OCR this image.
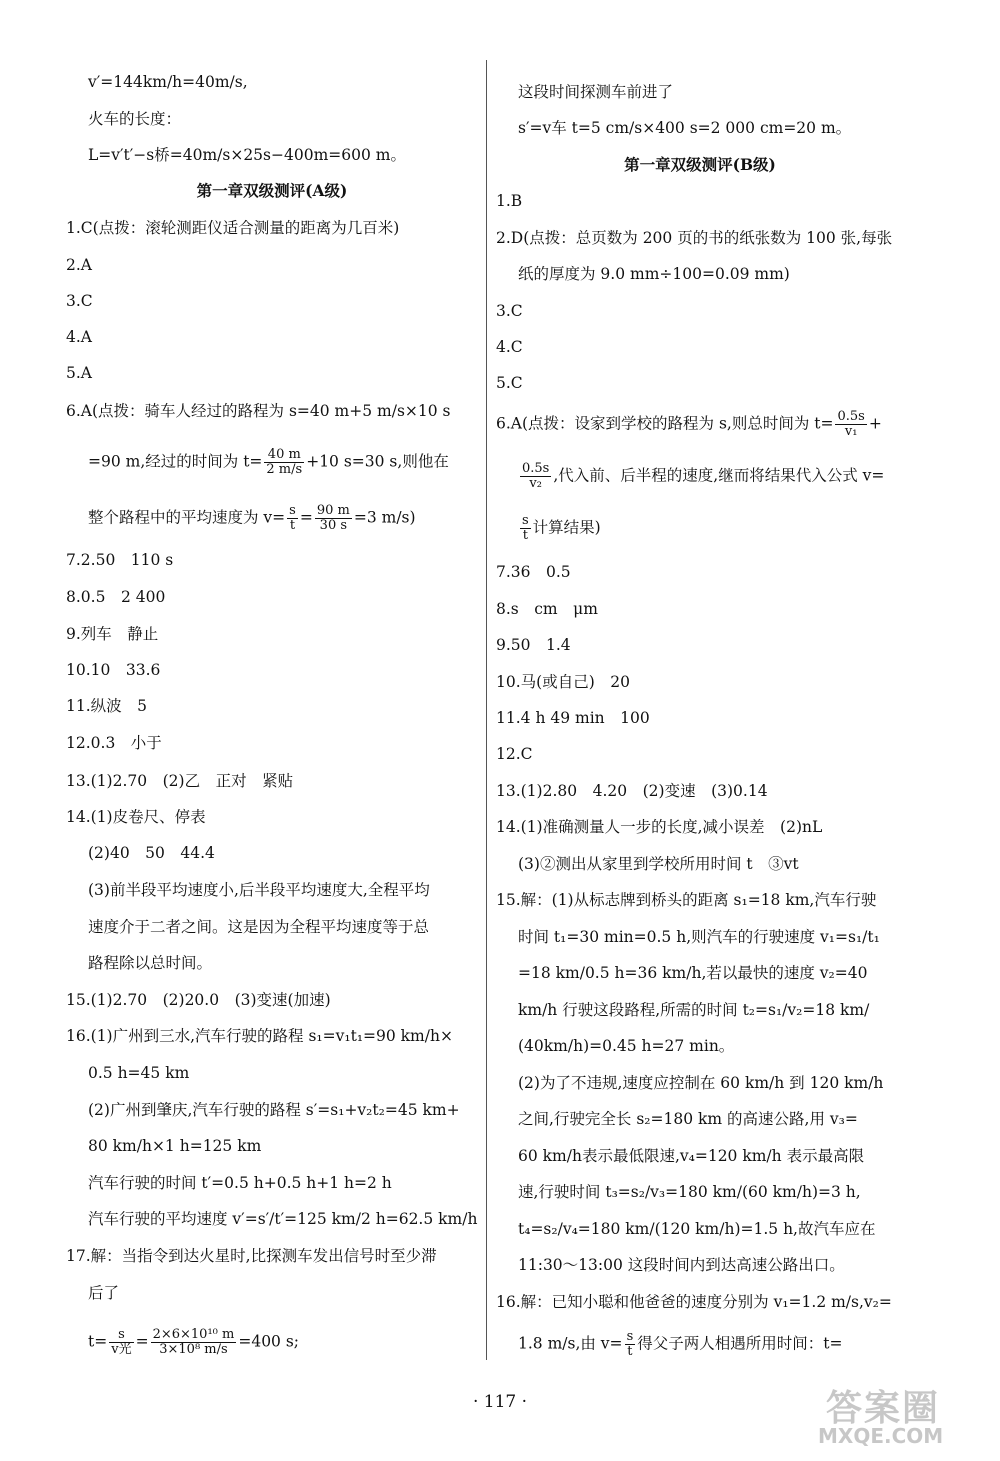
v′=144km/h=40m/s,
火车的长度：
L=v′t′−s桥=40m/s×25s−400m=600 m。
第一章双级测评(A级)
1.C(点拨：滚轮测距仪适合测量的距离为几百米)
2.A
3.C
4.A
5.A
6.A(点拨：骑车人经过的路程为 s=40 m+5 m/s×10 s
=90 m,经过的时间为 $t= \frac{40 m}{2 m/s} +10$ s=30 s,则他在
整个路程中的平均速度为 $v= \frac{s}{t} = \frac{90 m}{30 s} =3$ m/s)
7.2.50　110 s
8.0.5　2 400
9.列车　静止
10.10　33.6
11.纵波　5
12.0.3　小于
13.(1)2.70　(2)乙　正对　紧贴
14.(1)皮卷尺、停表
(2)40　50　44.4
(3)前半段平均速度小,后半段平均速度大,全程平均
速度介于二者之间。这是因为全程平均速度等于总
路程除以总时间。
15.(1)2.70　(2)20.0　(3)变速(加速)
16.(1)广州到三水,汽车行驶的路程 s₁=v₁t₁=90 km/h×
0.5 h=45 km
(2)广州到肇庆,汽车行驶的路程 s′=s₁+v₂t₂=45 km+
80 km/h×1 h=125 km
汽车行驶的时间 t′=0.5 h+0.5 h+1 h=2 h
汽车行驶的平均速度 v′=s′/t′=125 km/2 h=62.5 km/h
17.解：当指令到达火星时,比探测车发出信号时至少滞
后了
$t= \frac{s}{\text{v光}} = \frac{\text{2×6×10¹⁰ m}}{\text{3×10⁸ m/s}} =400$ s;
这段时间探测车前进了
s′=v车 t=5 cm/s×400 s=2 000 cm=20 m。
第一章双级测评(B级)
1.B
2.D(点拨：总页数为 200 页的书的纸张数为 100 张,每张
纸的厚度为 9.0 mm÷100=0.09 mm)
3.C
4.C
5.C
6.A(点拨：设家到学校的路程为 s,则总时间为 $t= \frac{0.5s}{\text{v₁}}$ +
$\frac{0.5s}{\text{v₂}}$ ,代入前、后半程的速度,继而将结果代入公式 v=
$\frac{s}{t}$ 计算结果)
7.36　0.5
8.s　cm　μm
9.50　1.4
10.马(或自己)　20
11.4 h 49 min　100
12.C
13.(1)2.80　4.20　(2)变速　(3)0.14
14.(1)准确测量人一步的长度,减小误差　(2)nL
(3)②测出从家里到学校所用时间 t　③vt
15.解：(1)从标志牌到桥头的距离 s₁=18 km,汽车行驶
时间 t₁=30 min=0.5 h,则汽车的行驶速度 v₁=s₁/t₁
=18 km/0.5 h=36 km/h,若以最快的速度 v₂=40
km/h 行驶这段路程,所需的时间 t₂=s₁/v₂=18 km/
(40km/h)=0.45 h=27 min。
(2)为了不违规,速度应控制在 60 km/h 到 120 km/h
之间,行驶完全长 s₂=180 km 的高速公路,用 v₃=
60 km/h表示最低限速,v₄=120 km/h 表示最高限
速,行驶时间 t₃=s₂/v₃=180 km/(60 km/h)=3 h,
t₄=s₂/v₄=180 km/(120 km/h)=1.5 h,故汽车应在
11:30～13:00 这段时间内到达高速公路出口。
16.解：已知小聪和他爸爸的速度分别为 v₁=1.2 m/s,v₂=
1.8 m/s,由 $v= \frac{s}{t}$ 得父子两人相遇所用时间：t=
· 117 ·	答案圈
MXQE.COM
